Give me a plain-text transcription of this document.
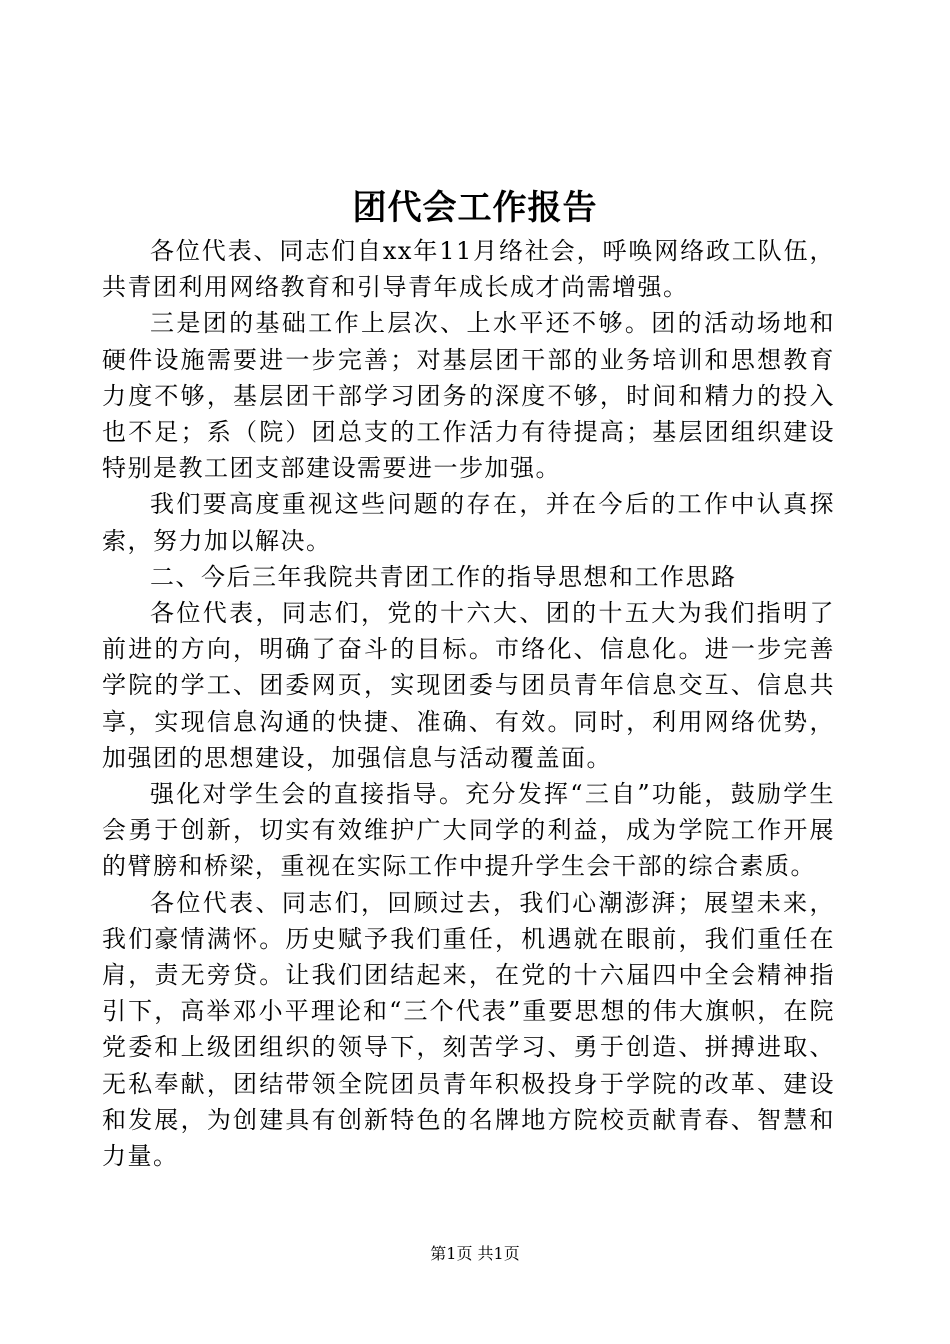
团代会工作报告

各位代表、同志们自xx年11月络社会，呼唤网络政工队伍，共青团利用网络教育和引导青年成长成才尚需增强。

三是团的基础工作上层次、上水平还不够。团的活动场地和硬件设施需要进一步完善；对基层团干部的业务培训和思想教育力度不够，基层团干部学习团务的深度不够，时间和精力的投入也不足；系（院）团总支的工作活力有待提高；基层团组织建设特别是教工团支部建设需要进一步加强。

我们要高度重视这些问题的存在，并在今后的工作中认真探索，努力加以解决。

二、今后三年我院共青团工作的指导思想和工作思路

各位代表，同志们，党的十六大、团的十五大为我们指明了前进的方向，明确了奋斗的目标。市络化、信息化。进一步完善学院的学工、团委网页，实现团委与团员青年信息交互、信息共享，实现信息沟通的快捷、准确、有效。同时，利用网络优势，加强团的思想建设，加强信息与活动覆盖面。

强化对学生会的直接指导。充分发挥“三自”功能，鼓励学生会勇于创新，切实有效维护广大同学的利益，成为学院工作开展的臂膀和桥梁，重视在实际工作中提升学生会干部的综合素质。

各位代表、同志们，回顾过去，我们心潮澎湃；展望未来，我们豪情满怀。历史赋予我们重任，机遇就在眼前，我们重任在肩，责无旁贷。让我们团结起来，在党的十六届四中全会精神指引下，高举邓小平理论和“三个代表”重要思想的伟大旗帜，在院党委和上级团组织的领导下，刻苦学习、勇于创造、拼搏进取、无私奉献，团结带领全院团员青年积极投身于学院的改革、建设和发展，为创建具有创新特色的名牌地方院校贡献青春、智慧和力量。

第1页 共1页
